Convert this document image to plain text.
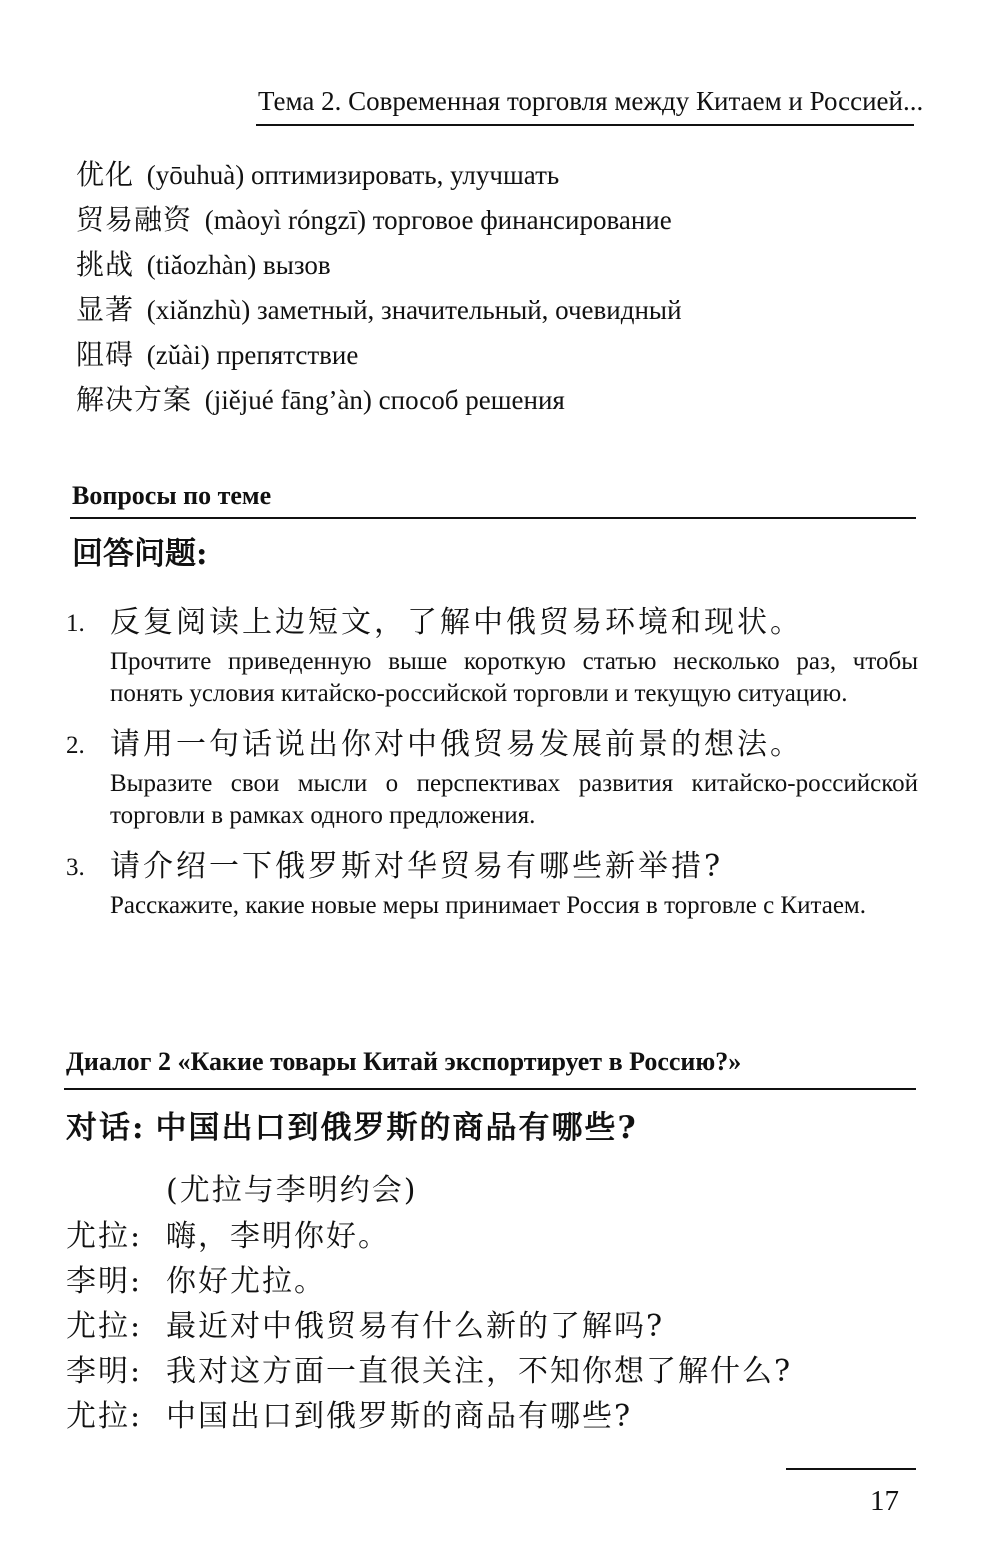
Тема 2. Современная торговля между Китаем и Россией...
优化 (yōuhuà) оптимизировать, улучшать
贸易融资 (màoyì róngzī) торговое финансирование
挑战 (tiǎozhàn) вызов
显著 (xiǎnzhù) заметный, значительный, очевидный
阻碍 (zǔài) препятствие
解决方案 (jiějué fāng’àn) способ решения
Вопросы по теме
回答问题:
1. 反复阅读上边短文，了解中俄贸易环境和现状。
Прочтите приведенную выше короткую статью несколько раз, чтобы понять условия китайско-российской торговли и текущую ситуацию.
2. 请用一句话说出你对中俄贸易发展前景的想法。
Выразите свои мысли о перспективах развития китайско-российской торговли в рамках одного предложения.
3. 请介绍一下俄罗斯对华贸易有哪些新举措?
Расскажите, какие новые меры принимает Россия в торговле с Китаем.
Диалог 2 «Какие товары Китай экспортирует в Россию?»
对话: 中国出口到俄罗斯的商品有哪些?
(尤拉与李明约会)
尤拉: 嗨，李明你好。
李明: 你好尤拉。
尤拉: 最近对中俄贸易有什么新的了解吗?
李明: 我对这方面一直很关注，不知你想了解什么?
尤拉: 中国出口到俄罗斯的商品有哪些?
17
